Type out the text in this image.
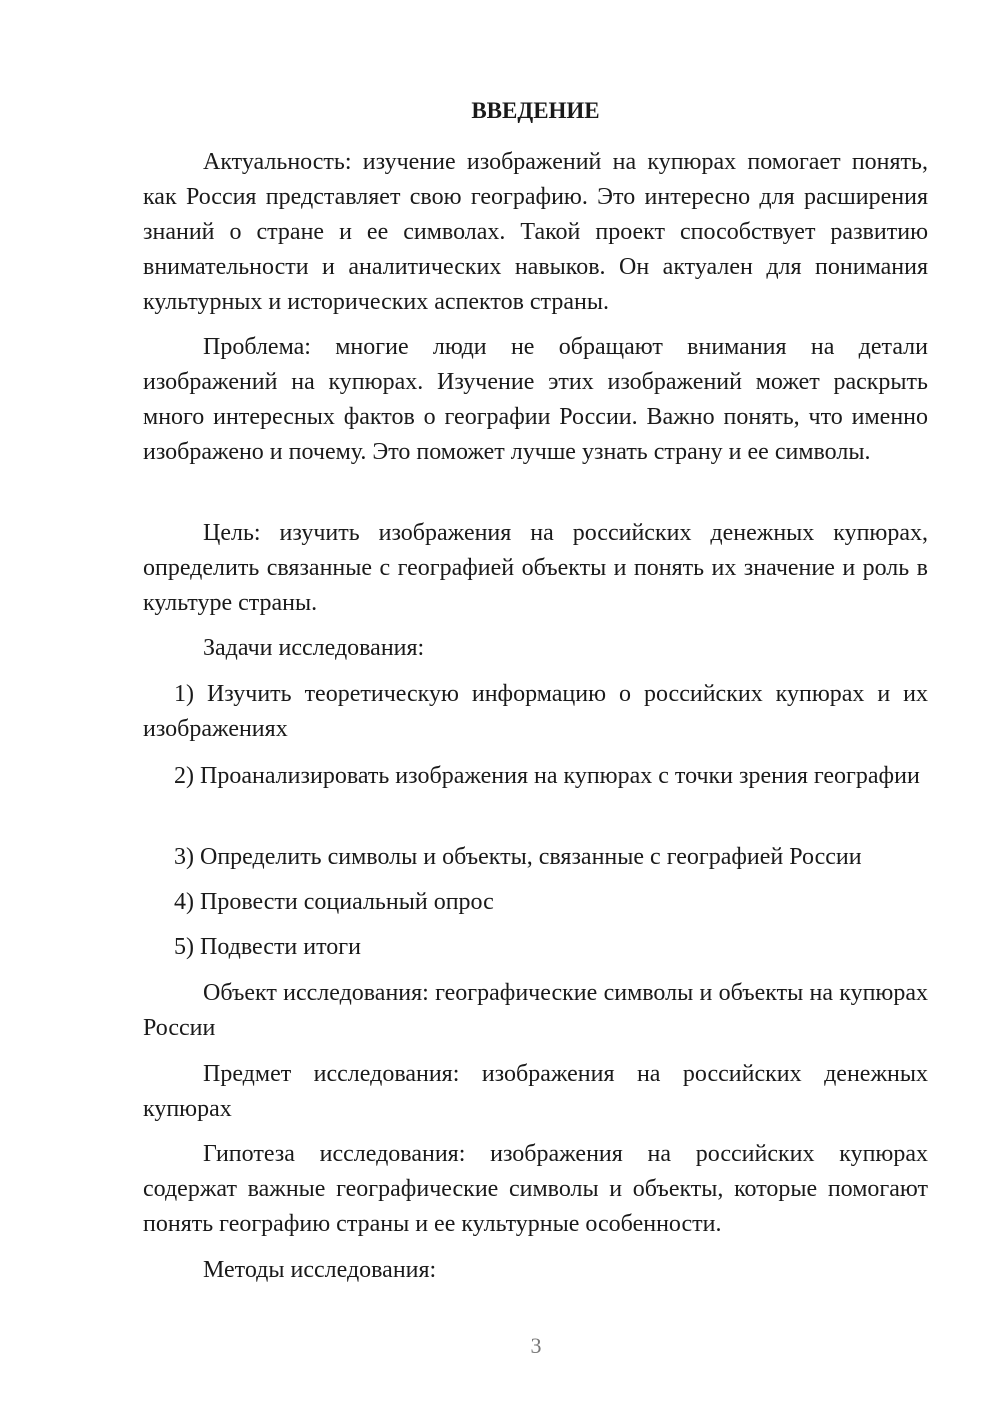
ВВЕДЕНИЕ

Актуальность: изучение изображений на купюрах помогает понять, как Россия представляет свою географию. Это интересно для расширения знаний о стране и ее символах. Такой проект способствует развитию внимательности и аналитических навыков. Он актуален для понимания культурных и исторических аспектов страны.

Проблема: многие люди не обращают внимания на детали изображений на купюрах. Изучение этих изображений может раскрыть много интересных фактов о географии России. Важно понять, что именно изображено и почему. Это поможет лучше узнать страну и ее символы.

Цель: изучить изображения на российских денежных купюрах, определить связанные с географией объекты и понять их значение и роль в культуре страны.

Задачи исследования:

1) Изучить теоретическую информацию о российских купюрах и их изображениях

2) Проанализировать изображения на купюрах с точки зрения географии

3) Определить символы и объекты, связанные с географией России

4) Провести социальный опрос

5) Подвести итоги

Объект исследования: географические символы и объекты на купюрах России

Предмет исследования: изображения на российских денежных купюрах

Гипотеза исследования: изображения на российских купюрах содержат важные географические символы и объекты, которые помогают понять географию страны и ее культурные особенности.

Методы исследования:

3
